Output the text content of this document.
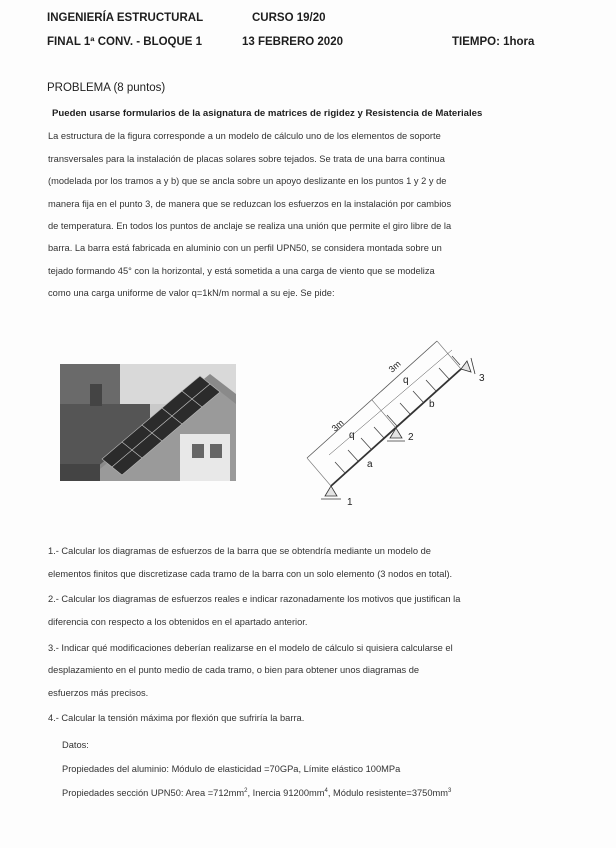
INGENIERÍA ESTRUCTURAL	CURSO 19/20
FINAL 1ª CONV. - BLOQUE 1	13 FEBRERO 2020	TIEMPO: 1hora
PROBLEMA (8 puntos)
Pueden usarse formularios de la asignatura de matrices de rigidez y Resistencia de Materiales
La estructura de la figura corresponde a un modelo de cálculo uno de los elementos de soporte
transversales para la instalación de placas solares sobre tejados. Se trata de una barra continua
(modelada por los tramos a y b) que se ancla sobre un apoyo deslizante en los puntos 1 y 2 y de
manera fija en el punto 3, de manera que se reduzcan los esfuerzos en la instalación por cambios
de temperatura. En todos los puntos de anclaje se realiza una unión que permite el giro libre de la
barra. La barra está fabricada en aluminio con un perfil UPN50, se considera montada sobre un
tejado formando 45° con la horizontal, y está sometida a una carga de viento que se modeliza
como una carga uniforme de valor q=1kN/m normal a su eje. Se pide:
3m
3m
q
q
a
b
1
2
3
1.- Calcular los diagramas de esfuerzos de la barra que se obtendría mediante un modelo de
elementos finitos que discretizase cada tramo de la barra con un solo elemento (3 nodos en total).
2.- Calcular los diagramas de esfuerzos reales e indicar razonadamente los motivos que justifican la
diferencia con respecto a los obtenidos en el apartado anterior.
3.- Indicar qué modificaciones deberían realizarse en el modelo de cálculo si quisiera calcularse el
desplazamiento en el punto medio de cada tramo, o bien para obtener unos diagramas de
esfuerzos más precisos.
4.- Calcular la tensión máxima por flexión que sufriría la barra.
Datos:
Propiedades del aluminio: Módulo de elasticidad =70GPa, Límite elástico 100MPa
Propiedades sección UPN50: Area $=712mm^2$, Inercia $91200mm^4$, Módulo $resistente=3750mm^3$
